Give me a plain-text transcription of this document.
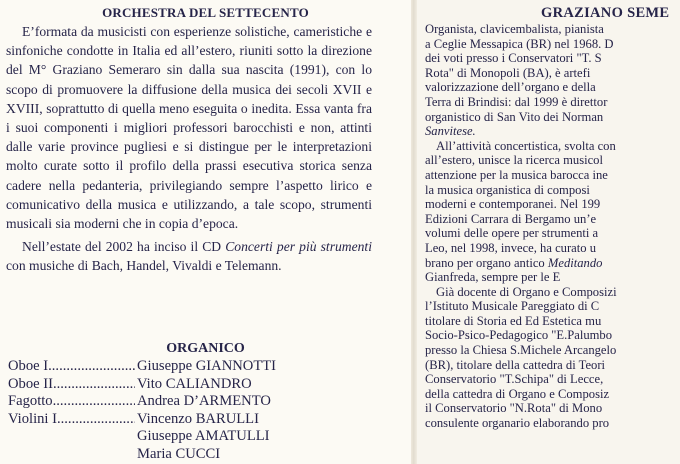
ORCHESTRA DEL SETTECENTO

E’formata da musicisti con esperienze solistiche, cameristiche e sinfoniche condotte in Italia ed all’estero, riuniti sotto la direzione del M° Graziano Semeraro sin dalla sua nascita (1991), con lo scopo di promuovere la diffusione della musica dei secoli XVII e XVIII, soprattutto di quella meno eseguita o inedita. Essa vanta fra i suoi componenti i migliori professori barocchisti e non, attinti dalle varie province pugliesi e si distingue per le interpretazioni molto curate sotto il profilo della prassi esecutiva storica senza cadere nella pedanteria, privilegiando sempre l’aspetto lirico e comunicativo della musica e utilizzando, a tale scopo, strumenti musicali sia moderni che in copia d’epoca.

Nell’estate del 2002 ha inciso il CD Concerti per più strumenti con musiche di Bach, Handel, Vivaldi e Telemann.

ORGANICO
Oboe I .....	Giuseppe GIANNOTTI
Oboe II .....	Vito CALIANDRO
Fagotto .....	Andrea D’ARMENTO
Violini I .....	Vincenzo BARULLI
Giuseppe AMATULLI
Maria CUCCI
GRAZIANO SEME
Organista, clavicembalista, pianista
a Ceglie Messapica (BR) nel 1968. D
dei voti presso i Conservatori "T. S
Rota" di Monopoli (BA), è artefi
valorizzazione dell’organo e della
Terra di Brindisi: dal 1999 è direttor
organistico di San Vito dei Norman
Sanvitese.
All’attività concertistica, svolta con
all’estero, unisce la ricerca musicol
attenzione per la musica barocca ine
la musica organistica di composi
moderni e contemporanei. Nel 199
Edizioni Carrara di Bergamo un’e
volumi delle opere per strumenti a
Leo, nel 1998, invece, ha curato u
brano per organo antico Meditando
Gianfreda, sempre per le E
Già docente di Organo e Composizi
l’Istituto Musicale Pareggiato di C
titolare di Storia ed Ed Estetica mu
Socio-Psico-Pedagogico "E.Palumbo
presso la Chiesa S.Michele Arcangelo
(BR), titolare della cattedra di Teori
Conservatorio "T.Schipa" di Lecce,
della cattedra di Organo e Composiz
il Conservatorio "N.Rota" di Mono
consulente organario elaborando pro
